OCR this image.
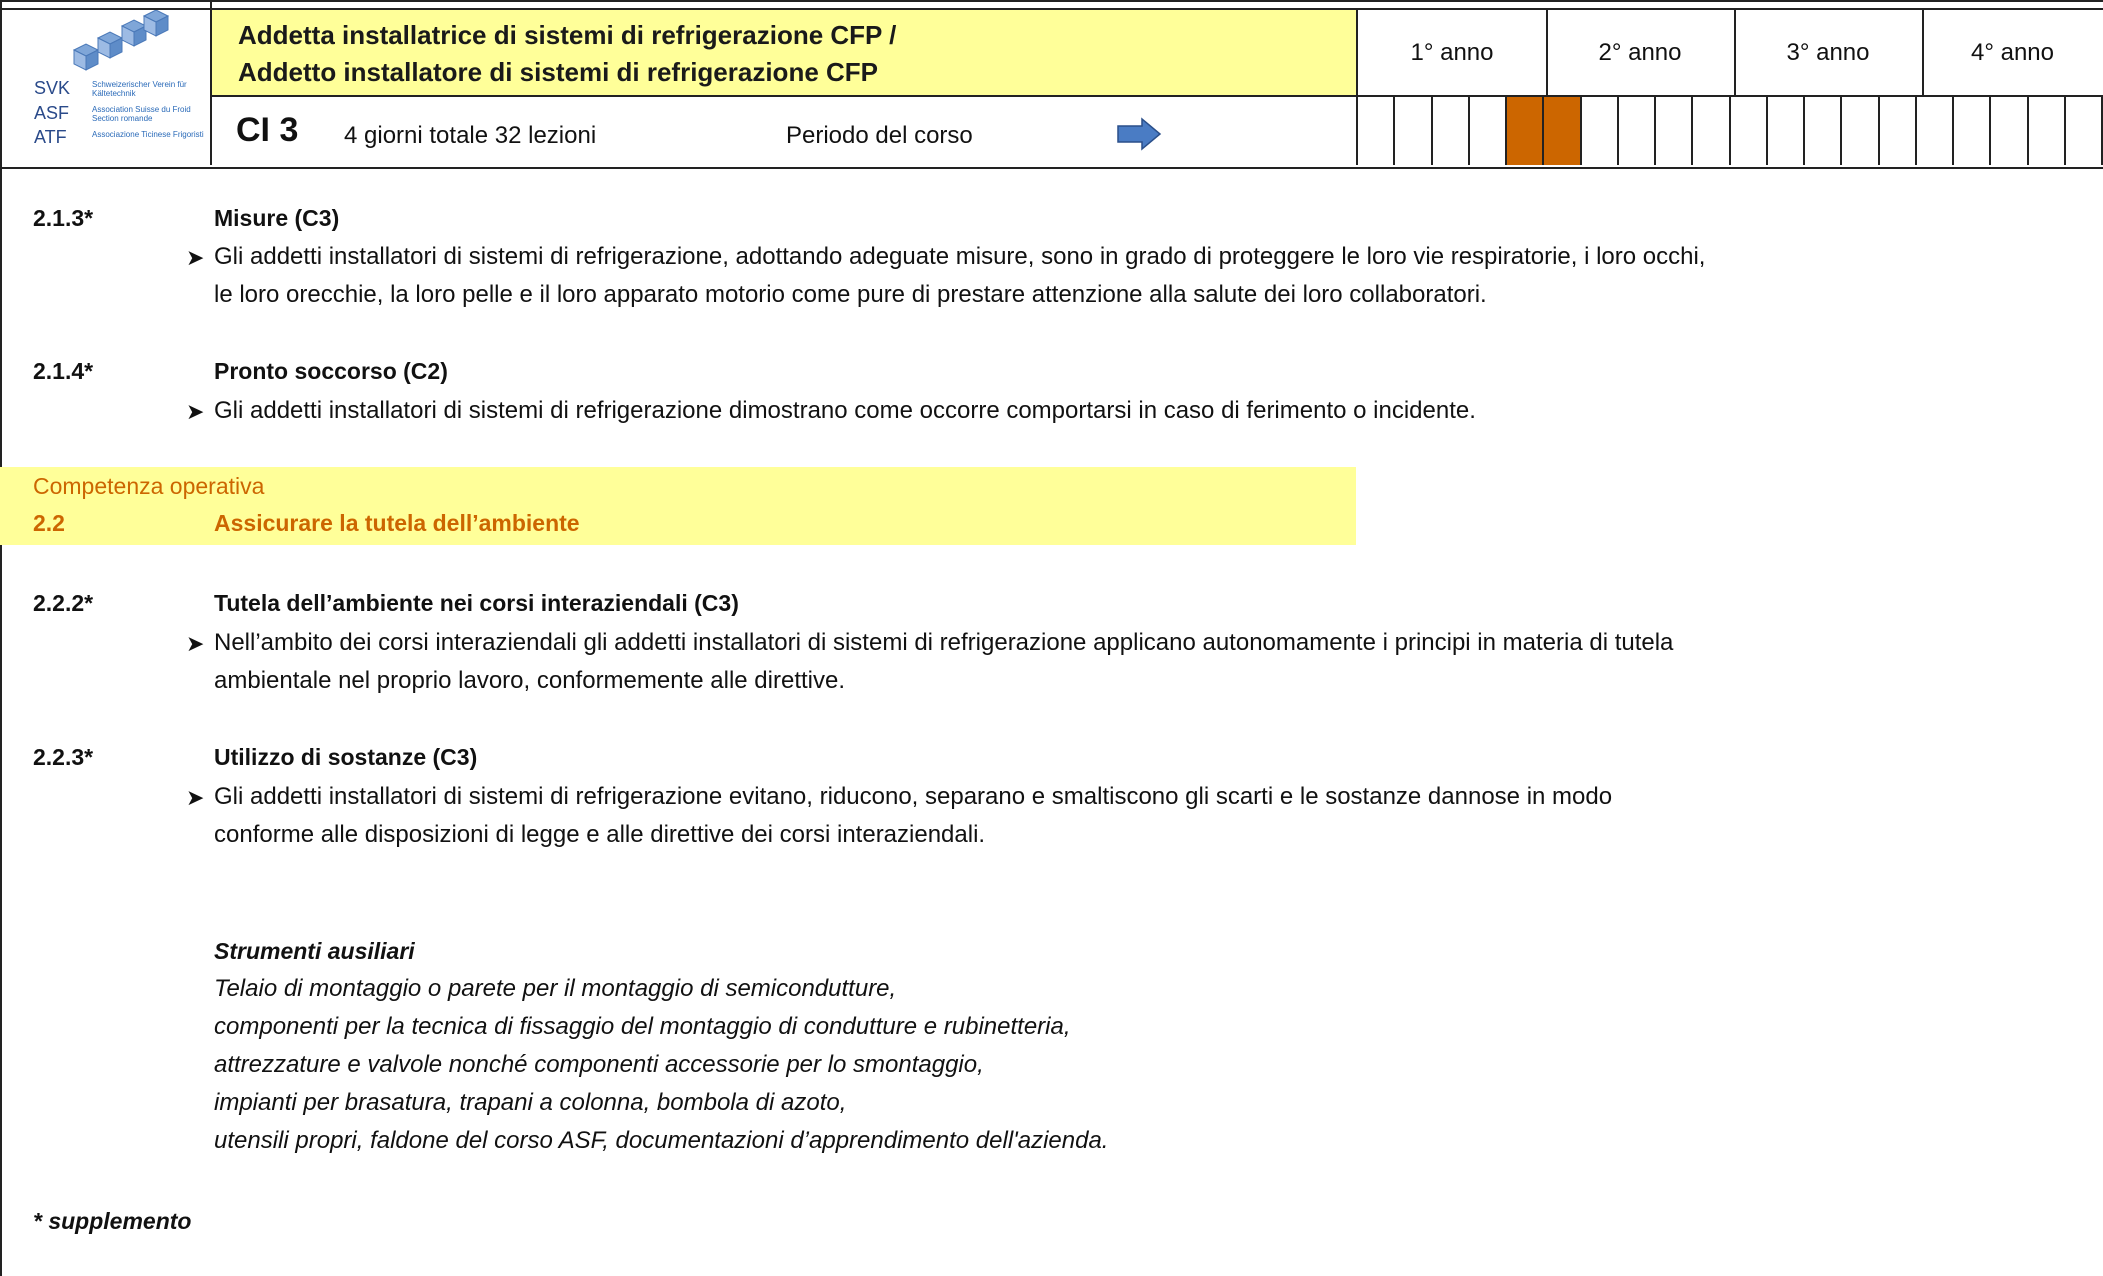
SVK	Schweizerischer Verein für Kältetechnik
ASF	Association Suisse du Froid Section romande
ATF	Associazione Ticinese Frigoristi
Addetta installatrice di sistemi di refrigerazione CFP /
Addetto installatore di sistemi di refrigerazione CFP
CI 3 4 giorni totale 32 lezioni	Periodo del corso
1° anno	2° anno	3° anno	4° anno
2.1.3*	Misure (C3)
➤ Gli addetti installatori di sistemi di refrigerazione, adottando adeguate misure, sono in grado di proteggere le loro vie respiratorie, i loro occhi,
le loro orecchie, la loro pelle e il loro apparato motorio come pure di prestare attenzione alla salute dei loro collaboratori.
2.1.4*	Pronto soccorso (C2)
➤ Gli addetti installatori di sistemi di refrigerazione dimostrano come occorre comportarsi in caso di ferimento o incidente.
Competenza operativa
2.2	Assicurare la tutela dell’ambiente
2.2.2*	Tutela dell’ambiente nei corsi interaziendali (C3)
➤ Nell’ambito dei corsi interaziendali gli addetti installatori di sistemi di refrigerazione applicano autonomamente i principi in materia di tutela
ambientale nel proprio lavoro, conformemente alle direttive.
2.2.3*	Utilizzo di sostanze (C3)
➤ Gli addetti installatori di sistemi di refrigerazione evitano, riducono, separano e smaltiscono gli scarti e le sostanze dannose in modo
conforme alle disposizioni di legge e alle direttive dei corsi interaziendali.
Strumenti ausiliari
Telaio di montaggio o parete per il montaggio di semicondutture,
componenti per la tecnica di fissaggio del montaggio di condutture e rubinetteria,
attrezzature e valvole nonché componenti accessorie per lo smontaggio,
impianti per brasatura, trapani a colonna, bombola di azoto,
utensili propri, faldone del corso ASF, documentazioni d’apprendimento dell'azienda.
* supplemento
